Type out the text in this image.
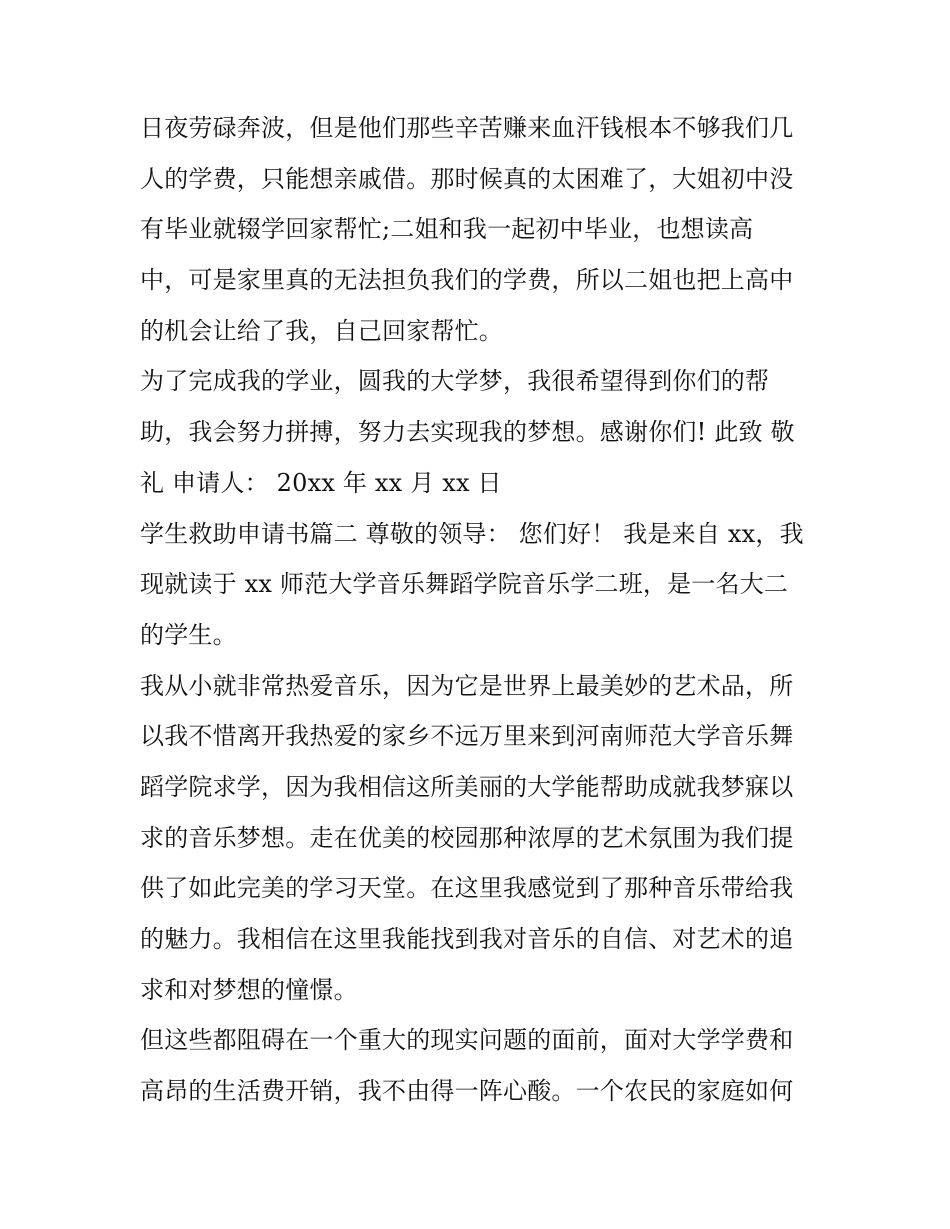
日夜劳碌奔波，但是他们那些辛苦赚来血汗钱根本不够我们几
人的学费，只能想亲戚借。那时候真的太困难了，大姐初中没
有毕业就辍学回家帮忙;二姐和我一起初中毕业，也想读高
中，可是家里真的无法担负我们的学费，所以二姐也把上高中
的机会让给了我，自己回家帮忙。
为了完成我的学业，圆我的大学梦，我很希望得到你们的帮
助，我会努力拼搏，努力去实现我的梦想。感谢你们! 此致 敬
礼 申请人： 20xx 年 xx 月 xx 日
学生救助申请书篇二 尊敬的领导： 您们好！ 我是来自 xx，我
现就读于 xx 师范大学音乐舞蹈学院音乐学二班，是一名大二
的学生。
我从小就非常热爱音乐，因为它是世界上最美妙的艺术品，所
以我不惜离开我热爱的家乡不远万里来到河南师范大学音乐舞
蹈学院求学，因为我相信这所美丽的大学能帮助成就我梦寐以
求的音乐梦想。走在优美的校园那种浓厚的艺术氛围为我们提
供了如此完美的学习天堂。在这里我感觉到了那种音乐带给我
的魅力。我相信在这里我能找到我对音乐的自信、对艺术的追
求和对梦想的憧憬。
但这些都阻碍在一个重大的现实问题的面前，面对大学学费和
高昂的生活费开销，我不由得一阵心酸。一个农民的家庭如何
